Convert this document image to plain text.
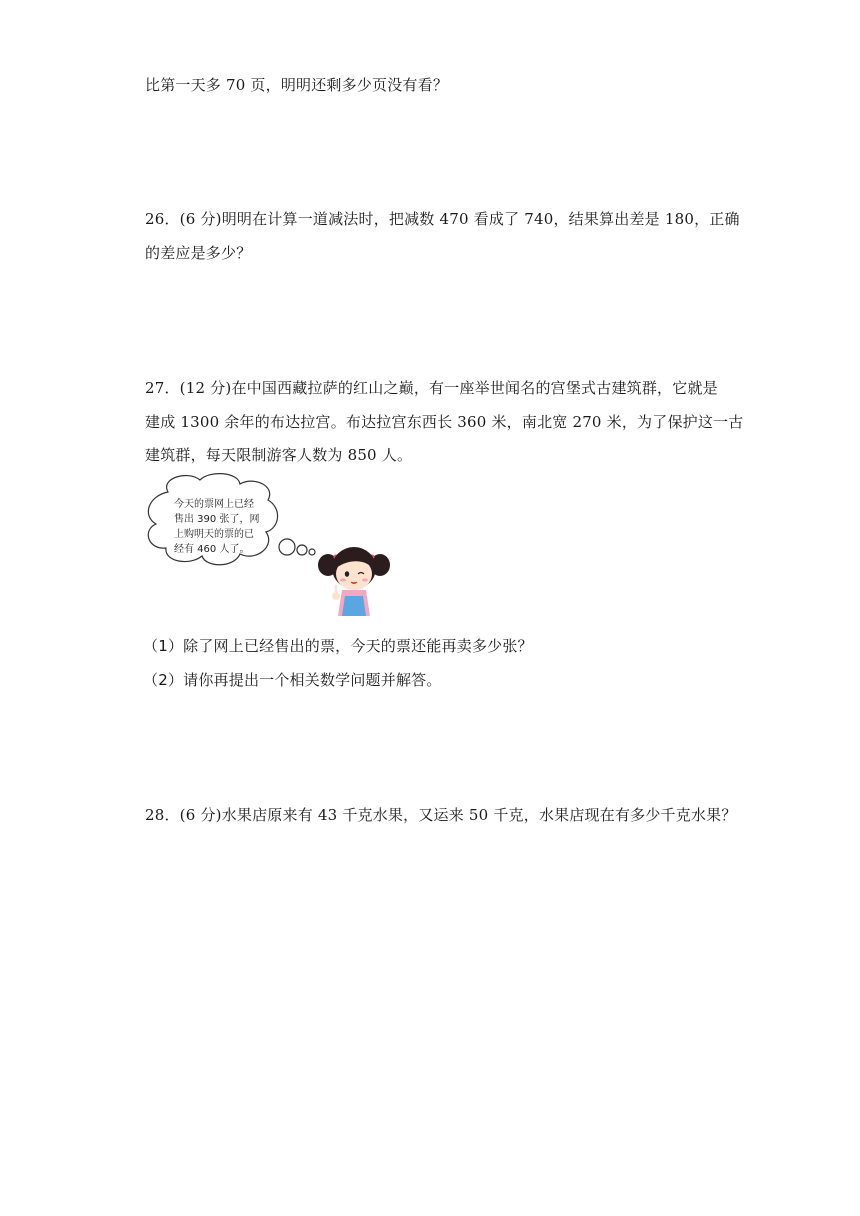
比第一天多 70 页，明明还剩多少页没有看？
26．(6 分)明明在计算一道减法时，把减数 470 看成了 740，结果算出差是 180，正确
的差应是多少？
27．(12 分)在中国西藏拉萨的红山之巅，有一座举世闻名的宫堡式古建筑群，它就是
建成 1300 余年的布达拉宫。布达拉宫东西长 360 米，南北宽 270 米，为了保护这一古
建筑群，每天限制游客人数为 850 人。
今天的票网上已经
售出 390 张了，网
上购明天的票的已
经有 460 人了。
（1）除了网上已经售出的票，今天的票还能再卖多少张？
（2）请你再提出一个相关数学问题并解答。
28．(6 分)水果店原来有 43 千克水果，又运来 50 千克，水果店现在有多少千克水果？
